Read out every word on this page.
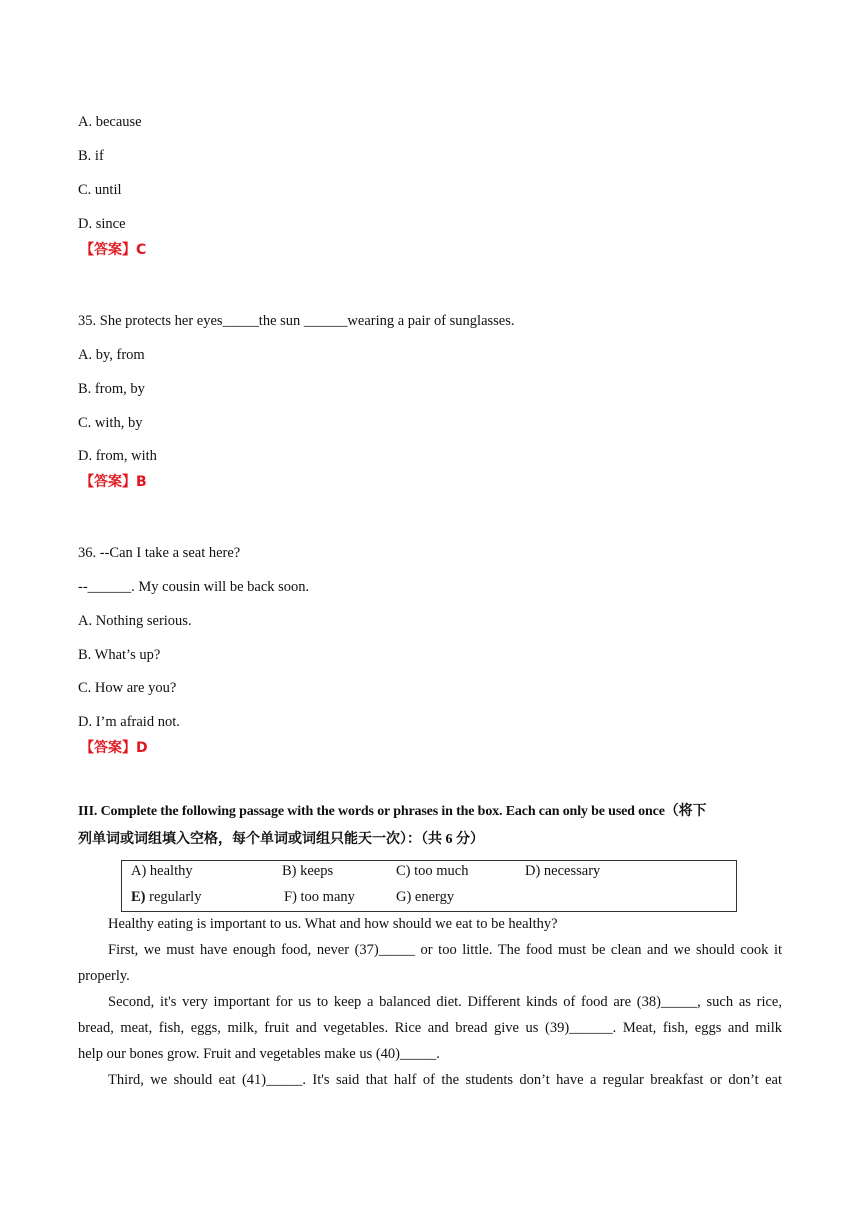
A. because
B. if
C. until
D. since
【答案】C
35. She protects her eyes_____the sun ______wearing a pair of sunglasses.
A. by, from
B. from, by
C. with, by
D. from, with
【答案】B
36. --Can I take a seat here?
--______. My cousin will be back soon.
A. Nothing serious.
B. What’s up?
C. How are you?
D. I’m afraid not.
【答案】D
III. Complete the following passage with the words or phrases in the box. Each can only be used once（将下
列单词或词组填入空格，每个单词或词组只能天一次）：（共 6 分）
A) healthy	B) keeps	C) too much	D) necessary
E) regularly	F) too many	G) energy
Healthy eating is important to us. What and how should we eat to be healthy?
First, we must have enough food, never (37)_____ or too little. The food must be clean and we should cook it
properly.
Second, it's very important for us to keep a balanced diet. Different kinds of food are (38)_____, such as rice,
bread, meat, fish, eggs, milk, fruit and vegetables. Rice and bread give us (39)______. Meat, fish, eggs and milk
help our bones grow. Fruit and vegetables make us (40)_____.
Third, we should eat (41)_____. It's said that half of the students don’t have a regular breakfast or don’t eat
